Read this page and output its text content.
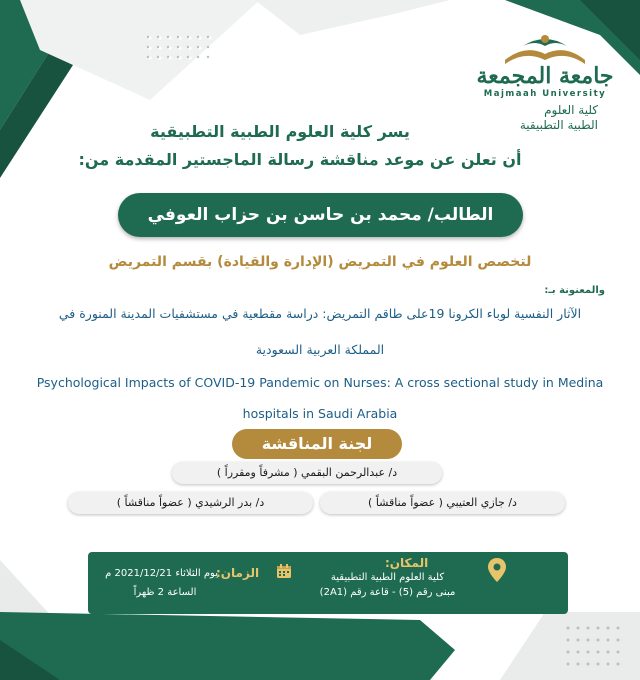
جامعة المجمعة
Majmaah University
كلية العلوم
الطبية التطبيقية
يسر كلية العلوم الطبية التطبيقية
أن تعلن عن موعد مناقشة رسالة الماجستير المقدمة من:
الطالب/ محمد بن حاسن بن حزاب العوفي
لتخصص العلوم في التمريض (الإدارة والقيادة) بقسم التمريض
والمعنونة بـ:
الآثار النفسية لوباء الكرونا 19على طاقم التمريض: دراسة مقطعية في مستشفيات المدينة المنورة في
المملكة العربية السعودية
Psychological Impacts of COVID-19 Pandemic on Nurses: A cross sectional study in Medina
hospitals in Saudi Arabia
لجنة المناقشة
د/ عبدالرحمن البقمي ( مشرفاً ومقرراً )
د/ جازي العتيبي ( عضواً مناقشاً )
د/ بدر الرشيدي ( عضواً مناقشاً )
المكان:
كلية العلوم الطبية التطبيقية
مبنى رقم (5) - قاعة رقم (2A1)
الزمان:
يوم الثلاثاء 2021/12/21 م
الساعة 2 ظهراً
